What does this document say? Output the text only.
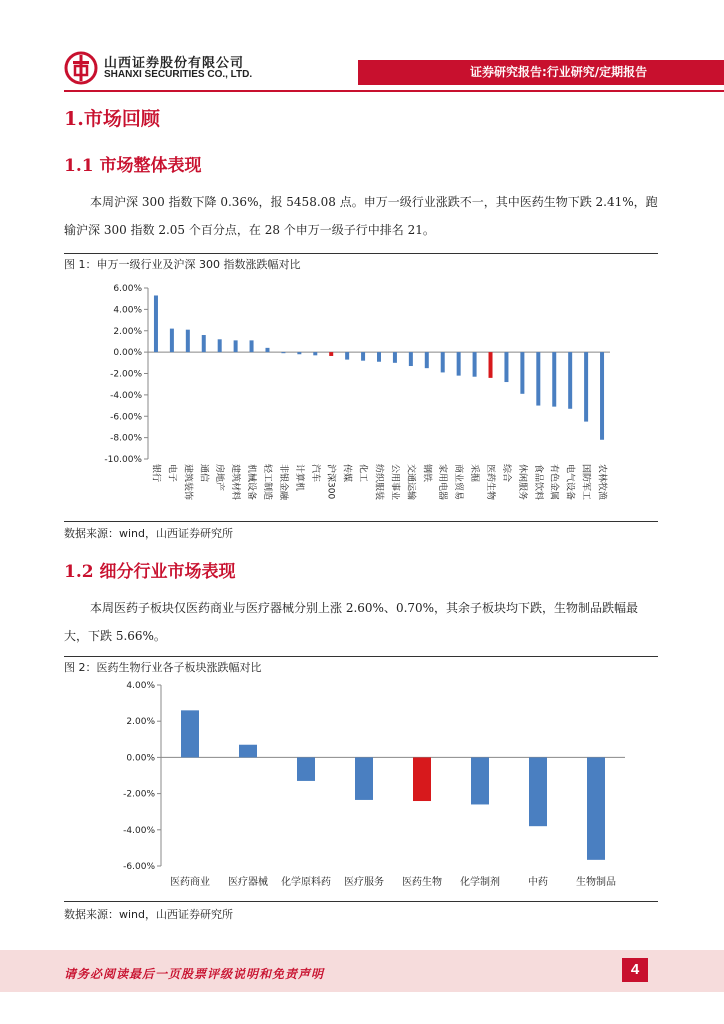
山西证券股份有限公司
SHANXI SECURITIES CO., LTD.	证券研究报告:行业研究/定期报告
1.市场回顾
1.1 市场整体表现

本周沪深 300 指数下降 0.36%，报 5458.08 点。申万一级行业涨跌不一，其中医药生物下跌 2.41%，跑

输沪深 300 指数 2.05 个百分点，在 28 个申万一级子行中排名 21。

图 1：申万一级行业及沪深 300 指数涨跌幅对比
6.00%
4.00%
2.00%
0.00%
-2.00%
-4.00%
-6.00%
-8.00%
-10.00%
银行 电子 建筑装饰 通信 房地产 建筑材料 机械设备 轻工制造 非银金融 计算机 汽车 沪深300 传媒 化工 纺织服装 公用事业 交通运输 钢铁 家用电器 商业贸易 采掘 医药生物 综合 休闲服务 食品饮料 有色金属 电气设备 国防军工 农林牧渔
数据来源：wind，山西证券研究所
1.2 细分行业市场表现

本周医药子板块仅医药商业与医疗器械分别上涨 2.60%、0.70%，其余子板块均下跌，生物制品跌幅最

大，下跌 5.66%。

图 2：医药生物行业各子板块涨跌幅对比
4.00%
2.00%
0.00%
-2.00%
-4.00%
-6.00%
医药商业 医疗器械 化学原料药 医疗服务 医药生物 化学制剂	中药	生物制品
数据来源：wind，山西证券研究所
请务必阅读最后一页股票评级说明和免责声明	4
